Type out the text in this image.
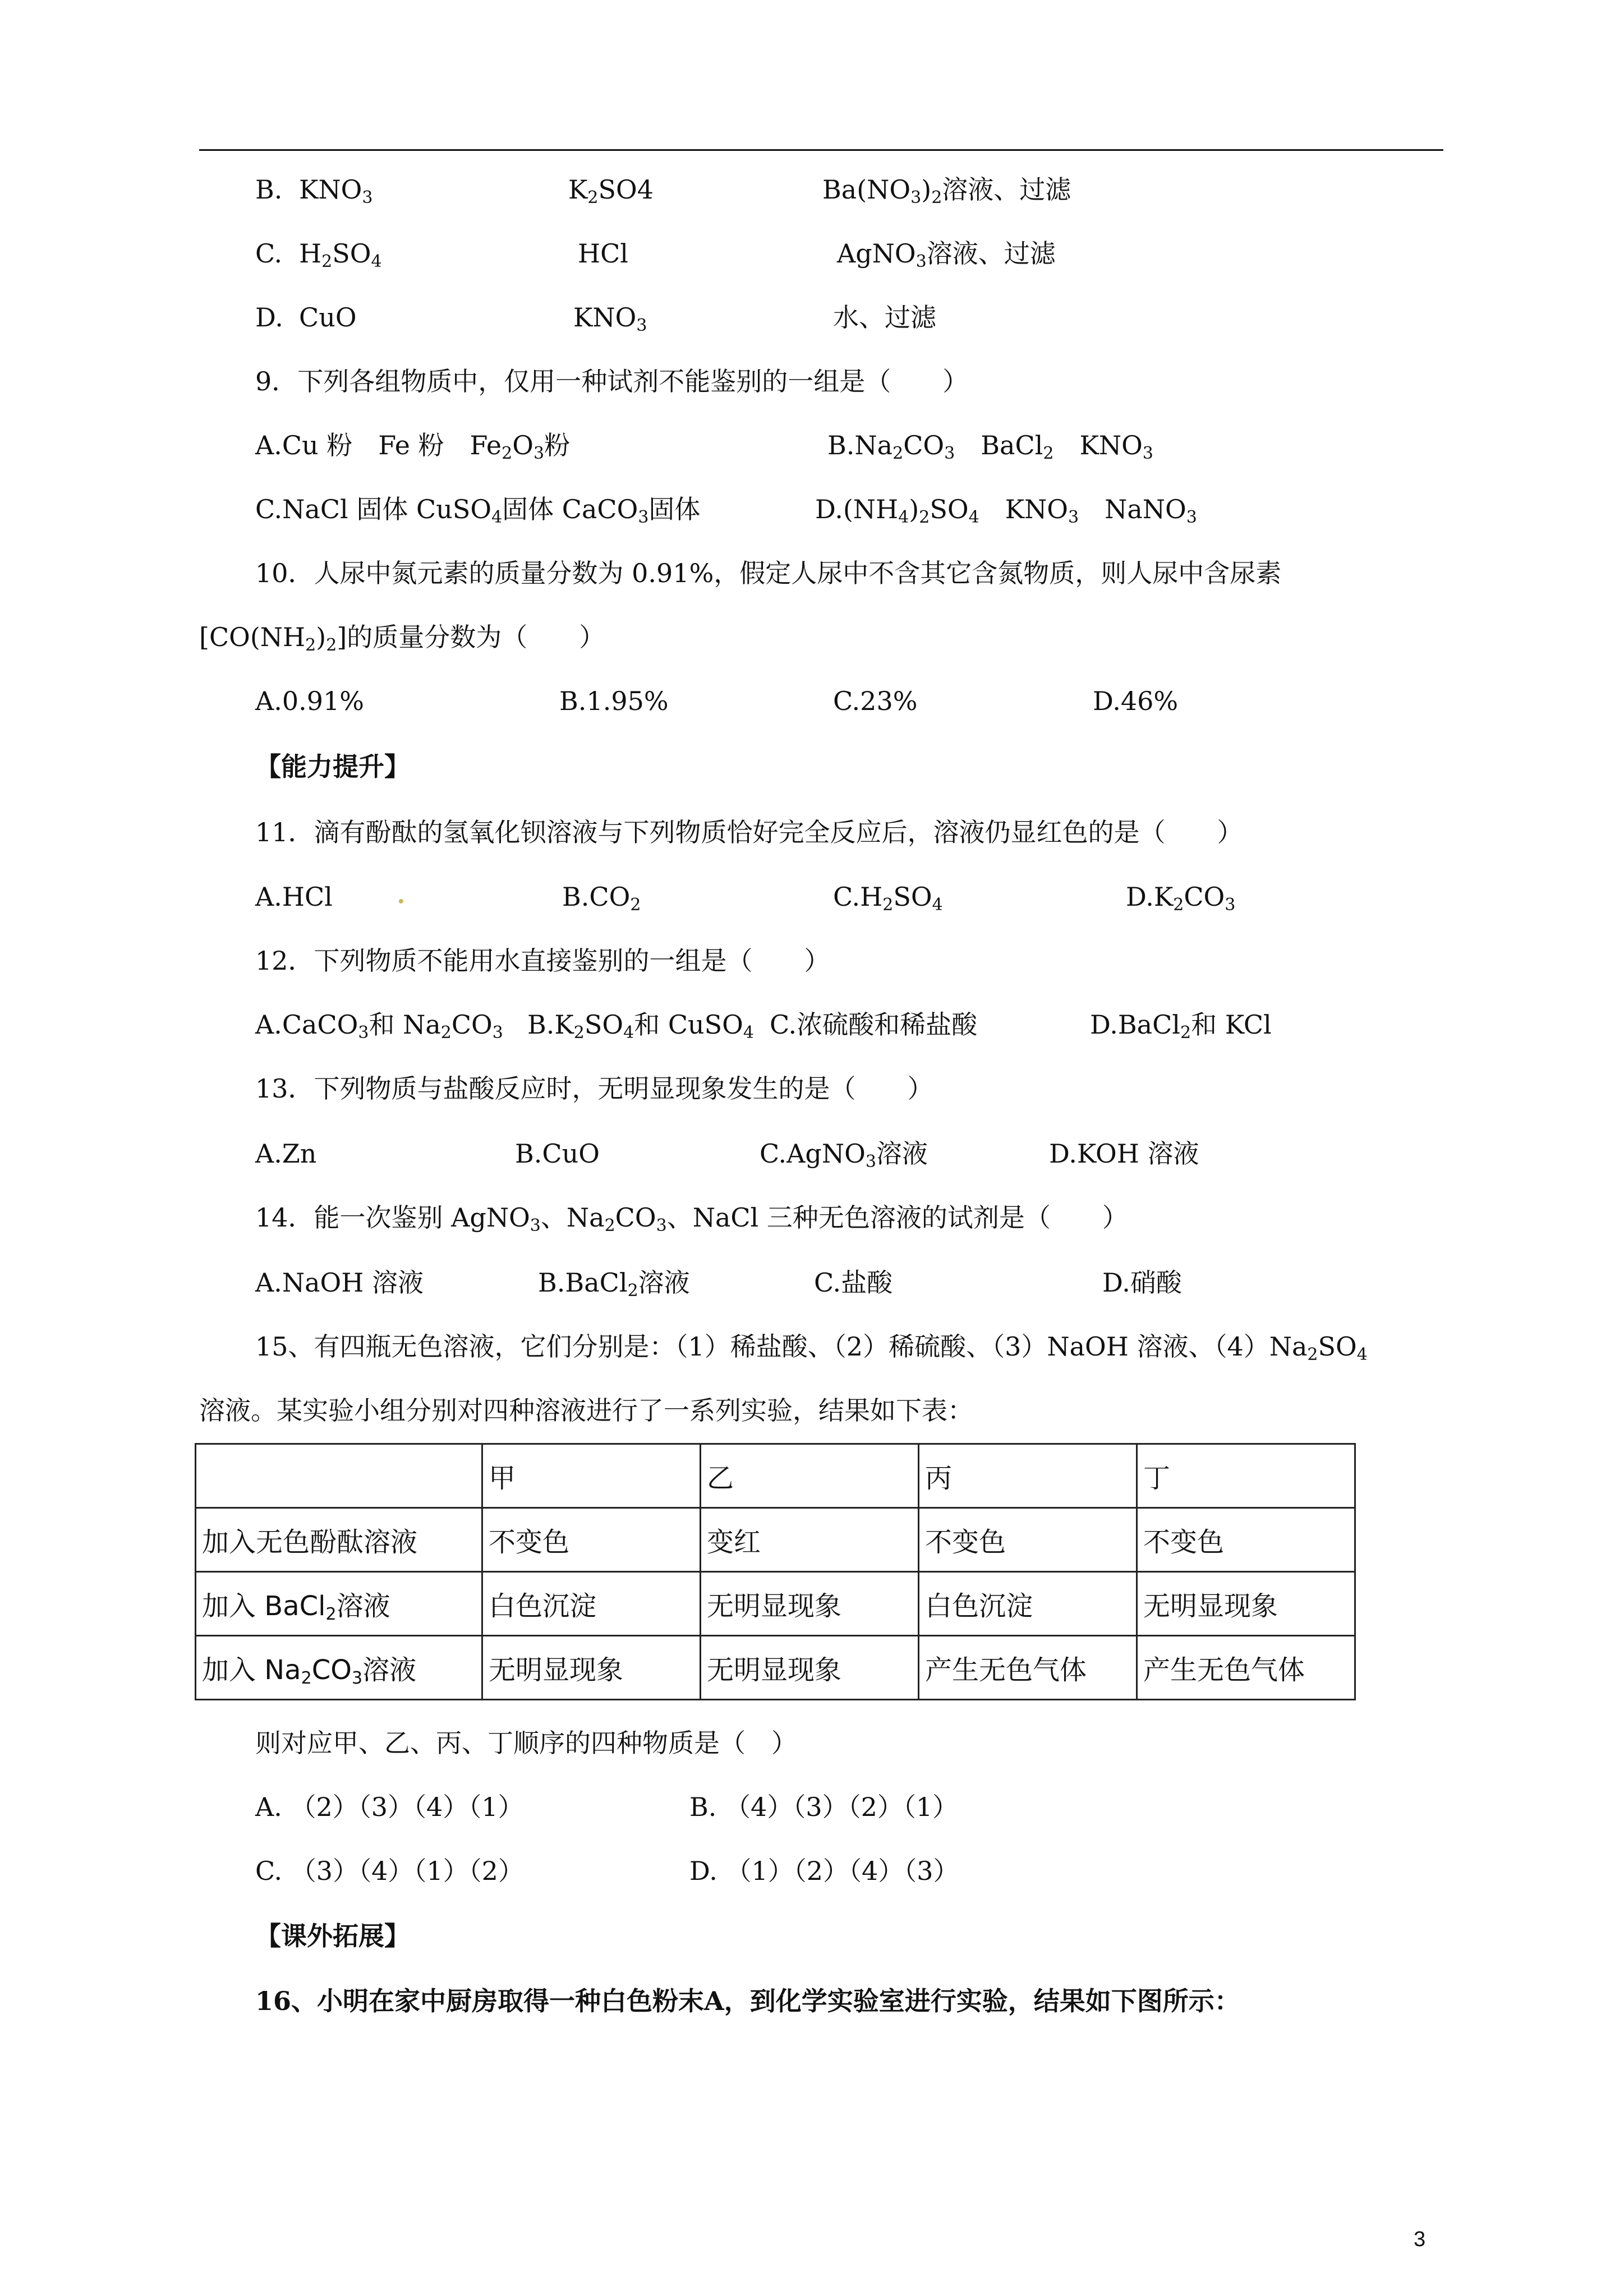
B. $KNO_3$	$K_2SO4$	$Ba(NO_3)_2$溶液、过滤
C. $H_2SO_4$	HCl	AgNO$_3$溶液、过滤
D. CuO	$KNO_3$	水、过滤
9．下列各组物质中，仅用一种试剂不能鉴别的一组是（　　）
A.Cu 粉　Fe 粉　$Fe_2O_3$粉	$B.Na_2CO_3$　BaCl$_2$　$KNO_3$
C.NaCl 固体 CuSO$_4$固体 CaCO$_3$固体	$D.(NH_4)_2SO_4$　$KNO_3$　NaNO$_3$
10．人尿中氮元素的质量分数为 0.91%，假定人尿中不含其它含氮物质，则人尿中含尿素
$[CO(NH_2)_2]$的质量分数为（　　）
A.0.91%	B.1.95%	C.23%	D.46%
【能力提升】
11．滴有酚酞的氢氧化钡溶液与下列物质恰好完全反应后，溶液仍显红色的是（　　）
A.HCl	$B.CO_2$	$C.H_2SO_4$	$D.K_2CO_3$
12．下列物质不能用水直接鉴别的一组是（　　）
A.CaCO$_3$和 $Na_2CO_3$ $B.K_2SO_4$和 CuSO$_4$ C.浓硫酸和稀盐酸	D.BaCl$_2$和 KCl
13．下列物质与盐酸反应时，无明显现象发生的是（　　）
A.Zn	B.CuO	C.AgNO$_3$溶液	D.KOH 溶液
14．能一次鉴别 AgNO$_3$、$Na_2CO_3$、NaCl 三种无色溶液的试剂是（　　）
A.NaOH 溶液	B.BaCl$_2$溶液	C.盐酸	D.硝酸
15、有四瓶无色溶液，它们分别是：（1）稀盐酸、（2）稀硫酸、（3）NaOH 溶液、$(4)Na_2SO_4$
溶液。某实验小组分别对四种溶液进行了一系列实验，结果如下表：
	甲	乙	丙	丁
加入无色酚酞溶液	不变色	变红	不变色	不变色
加入 BaCl$_2$溶液	白色沉淀	无明显现象	白色沉淀	无明显现象
加入 $Na_2CO_3$溶液	无明显现象	无明显现象	产生无色气体	产生无色气体
则对应甲、乙、丙、丁顺序的四种物质是（　）
A. （2）（3）（4）（1）	B. （4）（3）（2）（1）
C. （3）（4）（1）（2）	D. （1）（2）（4）（3）
【课外拓展】
16、小明在家中厨房取得一种白色粉末A，到化学实验室进行实验，结果如下图所示：
3
